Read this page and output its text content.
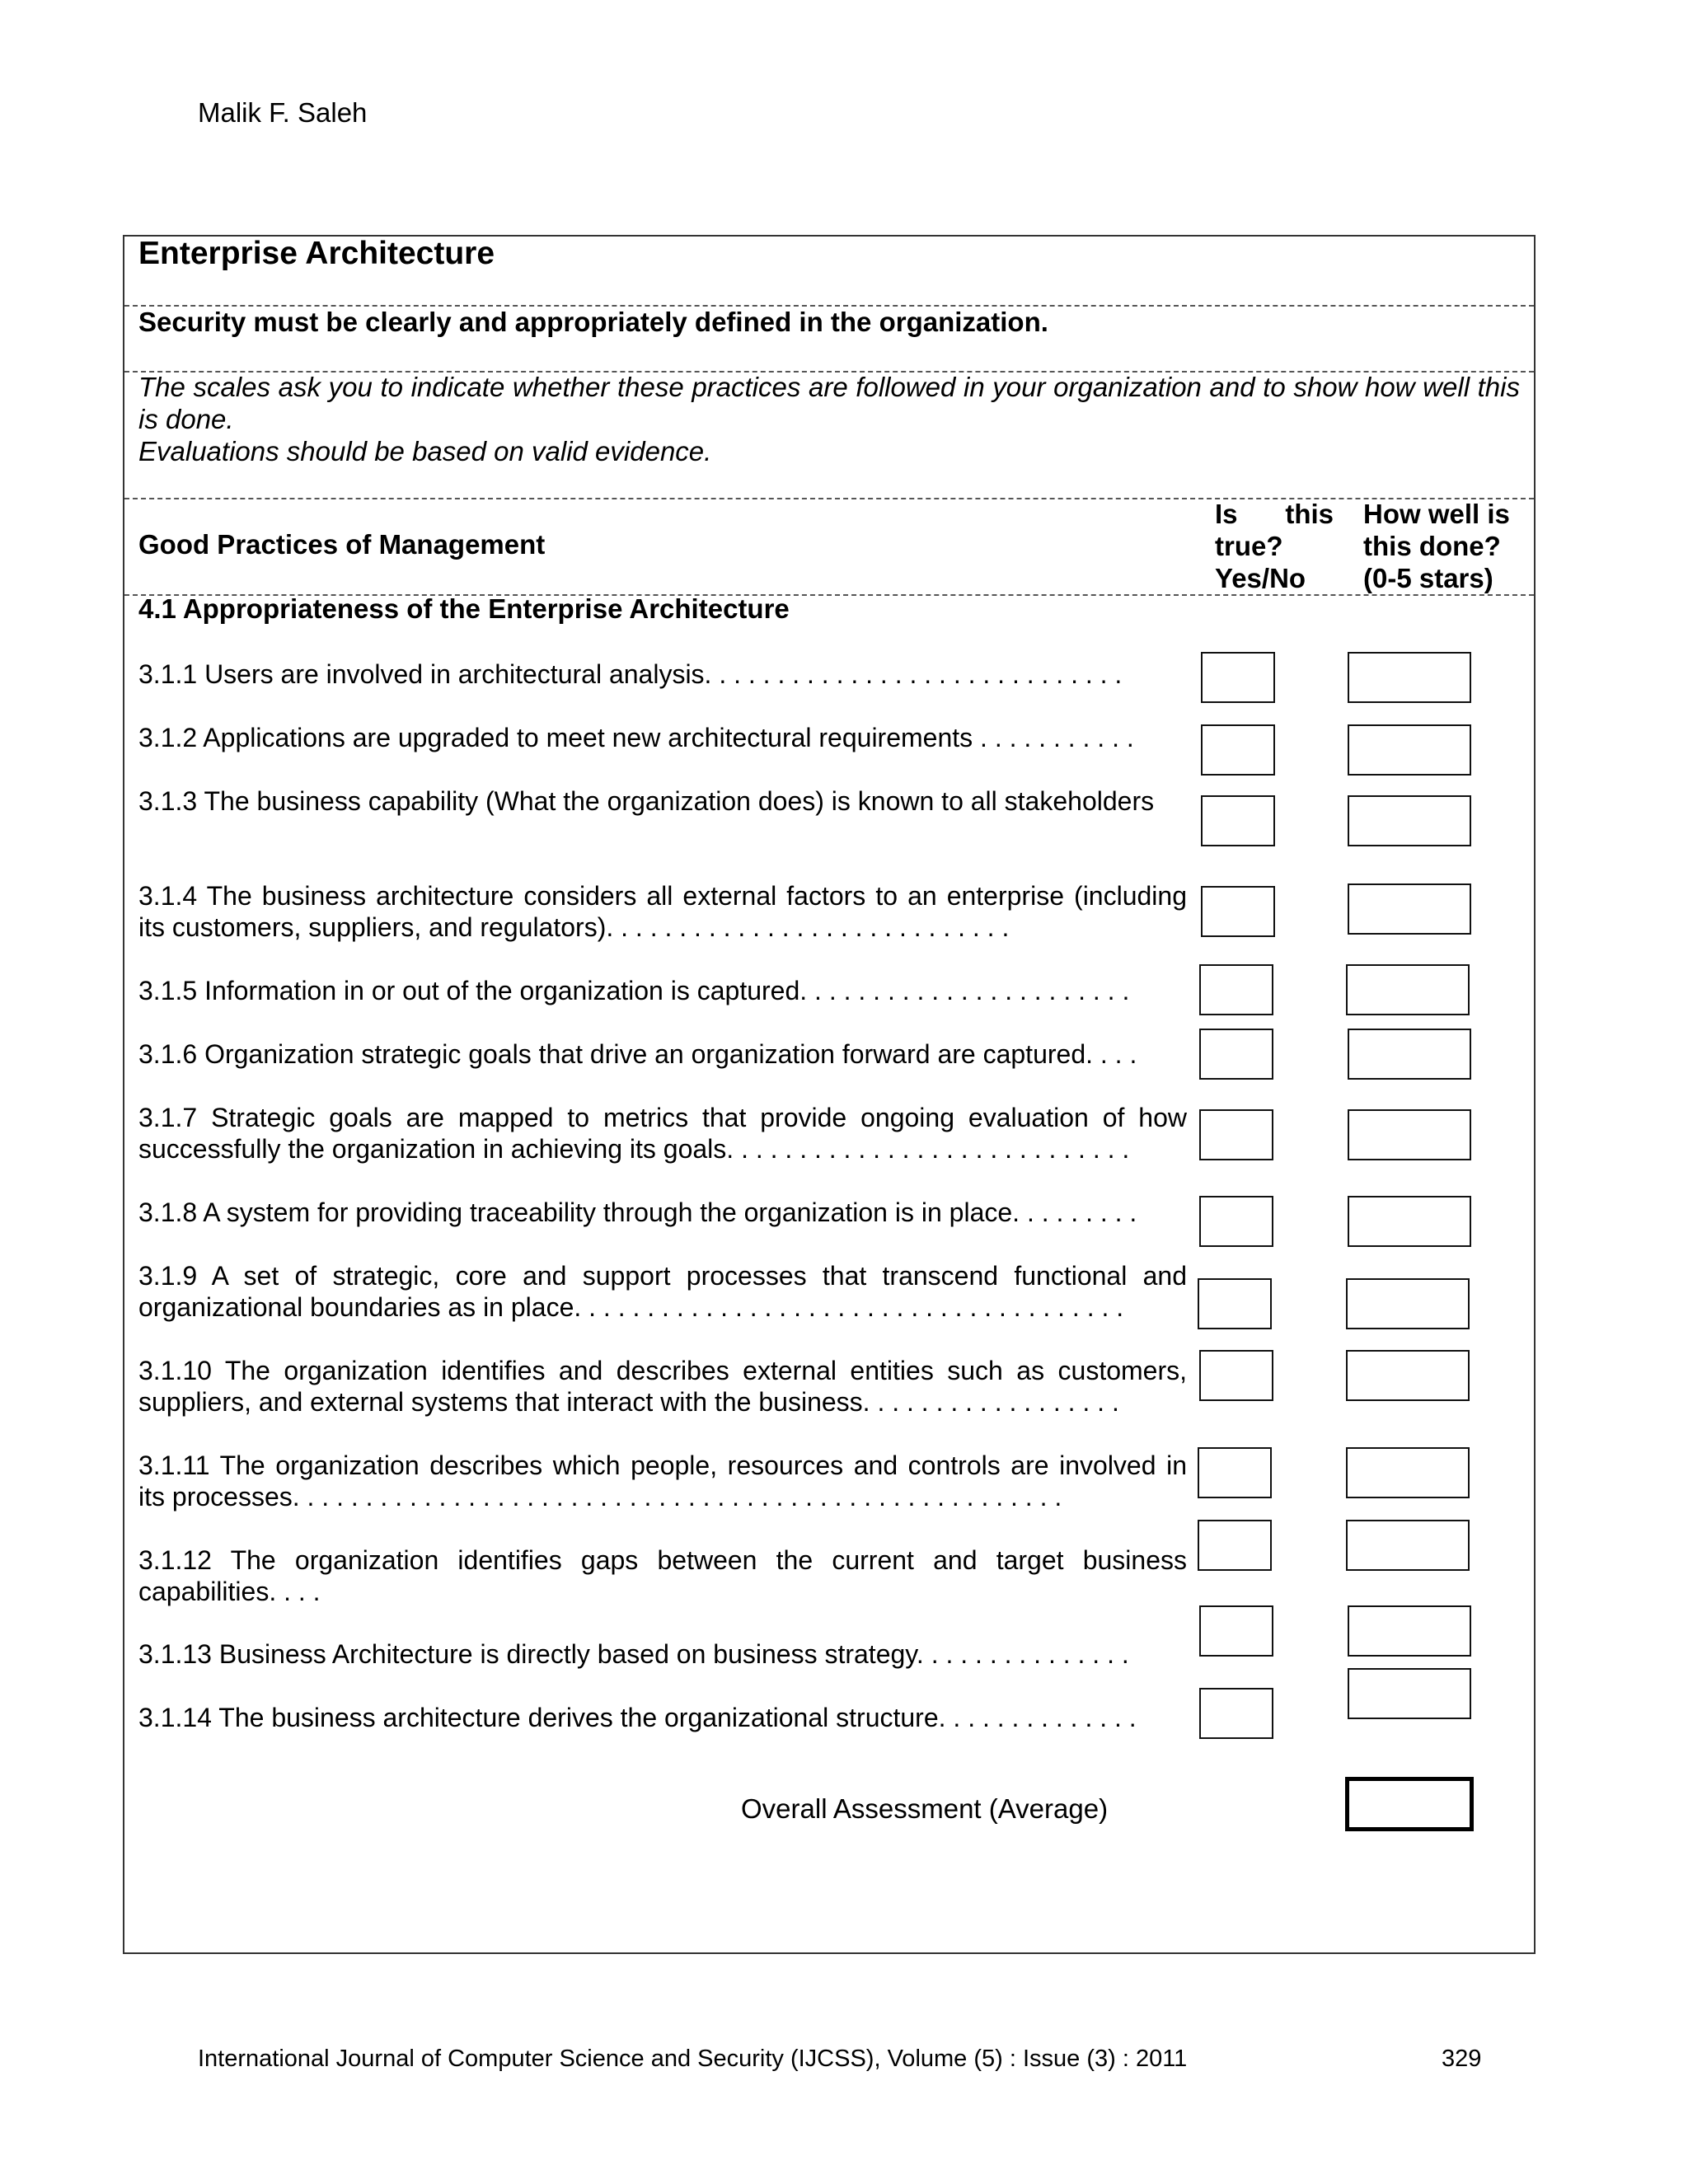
Malik F. Saleh
Enterprise Architecture
Security must be clearly and appropriately defined in the organization.
The scales ask you to indicate whether these practices are followed in your organization and to show how well this is done.
Evaluations should be based on valid evidence.
Good Practices of Management
Is this
true?
Yes/No
How well is
this done?
(0-5 stars)
4.1 Appropriateness of the Enterprise Architecture
3.1.1 Users are involved in architectural analysis. . . . . . . . . . . . . . . . . . . . . . . . . . . . .
3.1.2 Applications are upgraded to meet new architectural requirements . . . . . . . . . . .
3.1.3 The business capability (What the organization does) is known to all stakeholders
3.1.4 The business architecture considers all external factors to an enterprise (including its customers, suppliers, and regulators). . . . . . . . . . . . . . . . . . . . . . . . . . . .
3.1.5 Information in or out of the organization is captured. . . . . . . . . . . . . . . . . . . . . . .
3.1.6 Organization strategic goals that drive an organization forward are captured. . . .
3.1.7 Strategic goals are mapped to metrics that provide ongoing evaluation of how successfully the organization in achieving its goals. . . . . . . . . . . . . . . . . . . . . . . . . . . .
3.1.8 A system for providing traceability through the organization is in place. . . . . . . . .
3.1.9 A set of strategic, core and support processes that transcend functional and organizational boundaries as in place. . . . . . . . . . . . . . . . . . . . . . . . . . . . . . . . . . . . . .
3.1.10 The organization identifies and describes external entities such as customers, suppliers, and external systems that interact with the business. . . . . . . . . . . . . . . . . .
3.1.11 The organization describes which people, resources and controls are involved in its processes. . . . . . . . . . . . . . . . . . . . . . . . . . . . . . . . . . . . . . . . . . . . . . . . . . . . .
3.1.12 The organization identifies gaps between the current and target business capabilities. . . .
3.1.13 Business Architecture is directly based on business strategy. . . . . . . . . . . . . . .
3.1.14 The business architecture derives the organizational structure. . . . . . . . . . . . . .
Overall Assessment (Average)
International Journal of Computer Science and Security (IJCSS), Volume (5) : Issue (3) : 2011	329
